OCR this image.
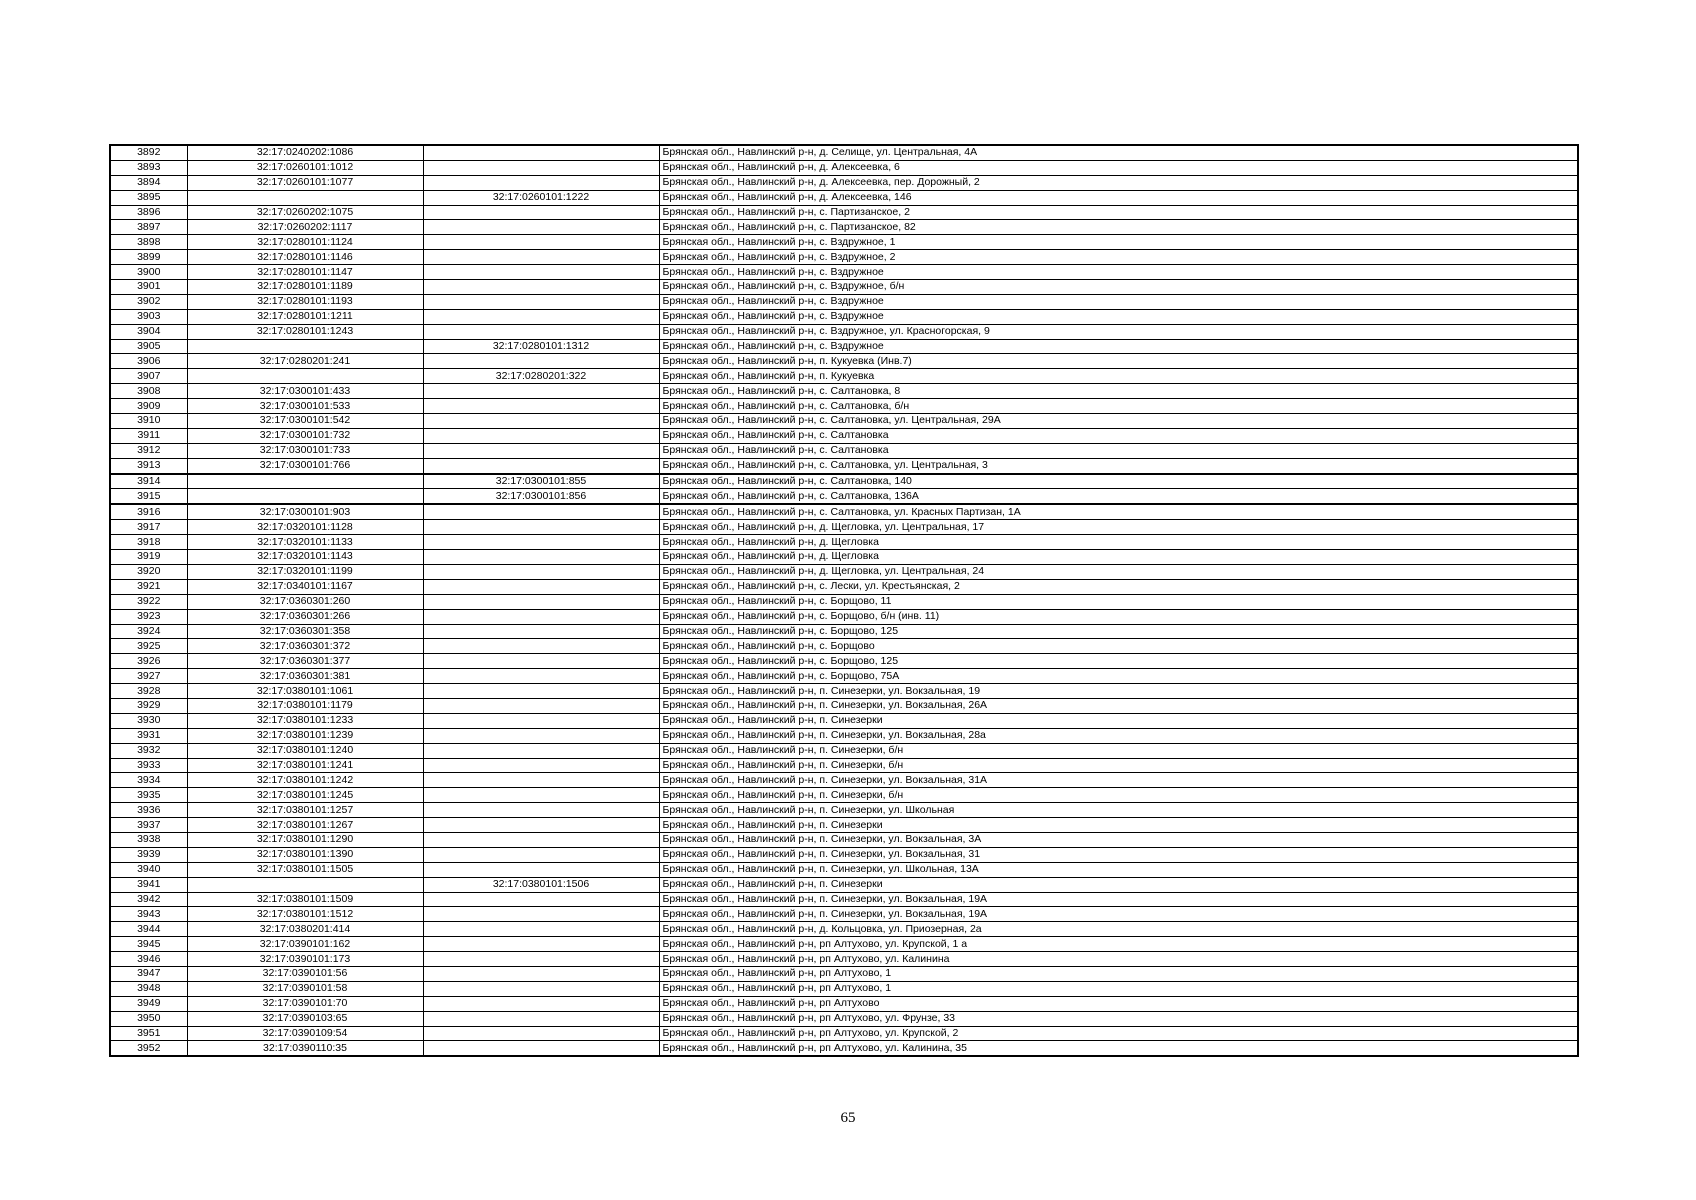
3892	32:17:0240202:1086		Брянская обл., Навлинский р-н, д. Селище, ул. Центральная, 4А
3893	32:17:0260101:1012		Брянская обл., Навлинский р-н, д. Алексеевка, 6
3894	32:17:0260101:1077		Брянская обл., Навлинский р-н, д. Алексеевка, пер. Дорожный, 2
3895		32:17:0260101:1222	Брянская обл., Навлинский р-н, д. Алексеевка, 146
3896	32:17:0260202:1075		Брянская обл., Навлинский р-н, с. Партизанское, 2
3897	32:17:0260202:1117		Брянская обл., Навлинский р-н, с. Партизанское, 82
3898	32:17:0280101:1124		Брянская обл., Навлинский р-н, с. Вздружное, 1
3899	32:17:0280101:1146		Брянская обл., Навлинский р-н, с. Вздружное, 2
3900	32:17:0280101:1147		Брянская обл., Навлинский р-н, с. Вздружное
3901	32:17:0280101:1189		Брянская обл., Навлинский р-н, с. Вздружное, б/н
3902	32:17:0280101:1193		Брянская обл., Навлинский р-н, с. Вздружное
3903	32:17:0280101:1211		Брянская обл., Навлинский р-н, с. Вздружное
3904	32:17:0280101:1243		Брянская обл., Навлинский р-н, с. Вздружное, ул. Красногорская, 9
3905		32:17:0280101:1312	Брянская обл., Навлинский р-н, с. Вздружное
3906	32:17:0280201:241		Брянская обл., Навлинский р-н, п. Кукуевка (Инв.7)
3907		32:17:0280201:322	Брянская обл., Навлинский р-н, п. Кукуевка
3908	32:17:0300101:433		Брянская обл., Навлинский р-н, с. Салтановка, 8
3909	32:17:0300101:533		Брянская обл., Навлинский р-н, с. Салтановка, б/н
3910	32:17:0300101:542		Брянская обл., Навлинский р-н, с. Салтановка, ул. Центральная, 29А
3911	32:17:0300101:732		Брянская обл., Навлинский р-н, с. Салтановка
3912	32:17:0300101:733		Брянская обл., Навлинский р-н, с. Салтановка
3913	32:17:0300101:766		Брянская обл., Навлинский р-н, с. Салтановка, ул. Центральная, 3
3914		32:17:0300101:855	Брянская обл., Навлинский р-н, с. Салтановка, 140
3915		32:17:0300101:856	Брянская обл., Навлинский р-н, с. Салтановка, 136А
3916	32:17:0300101:903		Брянская обл., Навлинский р-н, с. Салтановка, ул. Красных Партизан, 1А
3917	32:17:0320101:1128		Брянская обл., Навлинский р-н, д. Щегловка, ул. Центральная, 17
3918	32:17:0320101:1133		Брянская обл., Навлинский р-н, д. Щегловка
3919	32:17:0320101:1143		Брянская обл., Навлинский р-н, д. Щегловка
3920	32:17:0320101:1199		Брянская обл., Навлинский р-н, д. Щегловка, ул. Центральная, 24
3921	32:17:0340101:1167		Брянская обл., Навлинский р-н, с. Лески, ул. Крестьянская, 2
3922	32:17:0360301:260		Брянская обл., Навлинский р-н, с. Борщово, 11
3923	32:17:0360301:266		Брянская обл., Навлинский р-н, с. Борщово, б/н (инв. 11)
3924	32:17:0360301:358		Брянская обл., Навлинский р-н, с. Борщово, 125
3925	32:17:0360301:372		Брянская обл., Навлинский р-н, с. Борщово
3926	32:17:0360301:377		Брянская обл., Навлинский р-н, с. Борщово, 125
3927	32:17:0360301:381		Брянская обл., Навлинский р-н, с. Борщово, 75А
3928	32:17:0380101:1061		Брянская обл., Навлинский р-н, п. Синезерки, ул. Вокзальная, 19
3929	32:17:0380101:1179		Брянская обл., Навлинский р-н, п. Синезерки, ул. Вокзальная, 26А
3930	32:17:0380101:1233		Брянская обл., Навлинский р-н, п. Синезерки
3931	32:17:0380101:1239		Брянская обл., Навлинский р-н, п. Синезерки, ул. Вокзальная, 28а
3932	32:17:0380101:1240		Брянская обл., Навлинский р-н, п. Синезерки, б/н
3933	32:17:0380101:1241		Брянская обл., Навлинский р-н, п. Синезерки, б/н
3934	32:17:0380101:1242		Брянская обл., Навлинский р-н, п. Синезерки, ул. Вокзальная, 31А
3935	32:17:0380101:1245		Брянская обл., Навлинский р-н, п. Синезерки, б/н
3936	32:17:0380101:1257		Брянская обл., Навлинский р-н, п. Синезерки, ул. Школьная
3937	32:17:0380101:1267		Брянская обл., Навлинский р-н, п. Синезерки
3938	32:17:0380101:1290		Брянская обл., Навлинский р-н, п. Синезерки, ул. Вокзальная, 3А
3939	32:17:0380101:1390		Брянская обл., Навлинский р-н, п. Синезерки, ул. Вокзальная, 31
3940	32:17:0380101:1505		Брянская обл., Навлинский р-н, п. Синезерки, ул. Школьная, 13А
3941		32:17:0380101:1506	Брянская обл., Навлинский р-н, п. Синезерки
3942	32:17:0380101:1509		Брянская обл., Навлинский р-н, п. Синезерки, ул. Вокзальная, 19А
3943	32:17:0380101:1512		Брянская обл., Навлинский р-н, п. Синезерки, ул. Вокзальная, 19А
3944	32:17:0380201:414		Брянская обл., Навлинский р-н, д. Кольцовка, ул. Приозерная, 2а
3945	32:17:0390101:162		Брянская обл., Навлинский р-н, рп Алтухово, ул. Крупской, 1 а
3946	32:17:0390101:173		Брянская обл., Навлинский р-н, рп Алтухово, ул. Калинина
3947	32:17:0390101:56		Брянская обл., Навлинский р-н, рп Алтухово, 1
3948	32:17:0390101:58		Брянская обл., Навлинский р-н, рп Алтухово, 1
3949	32:17:0390101:70		Брянская обл., Навлинский р-н, рп Алтухово
3950	32:17:0390103:65		Брянская обл., Навлинский р-н, рп Алтухово, ул. Фрунзе, 33
3951	32:17:0390109:54		Брянская обл., Навлинский р-н, рп Алтухово, ул. Крупской, 2
3952	32:17:0390110:35		Брянская обл., Навлинский р-н, рп Алтухово, ул. Калинина, 35
65
